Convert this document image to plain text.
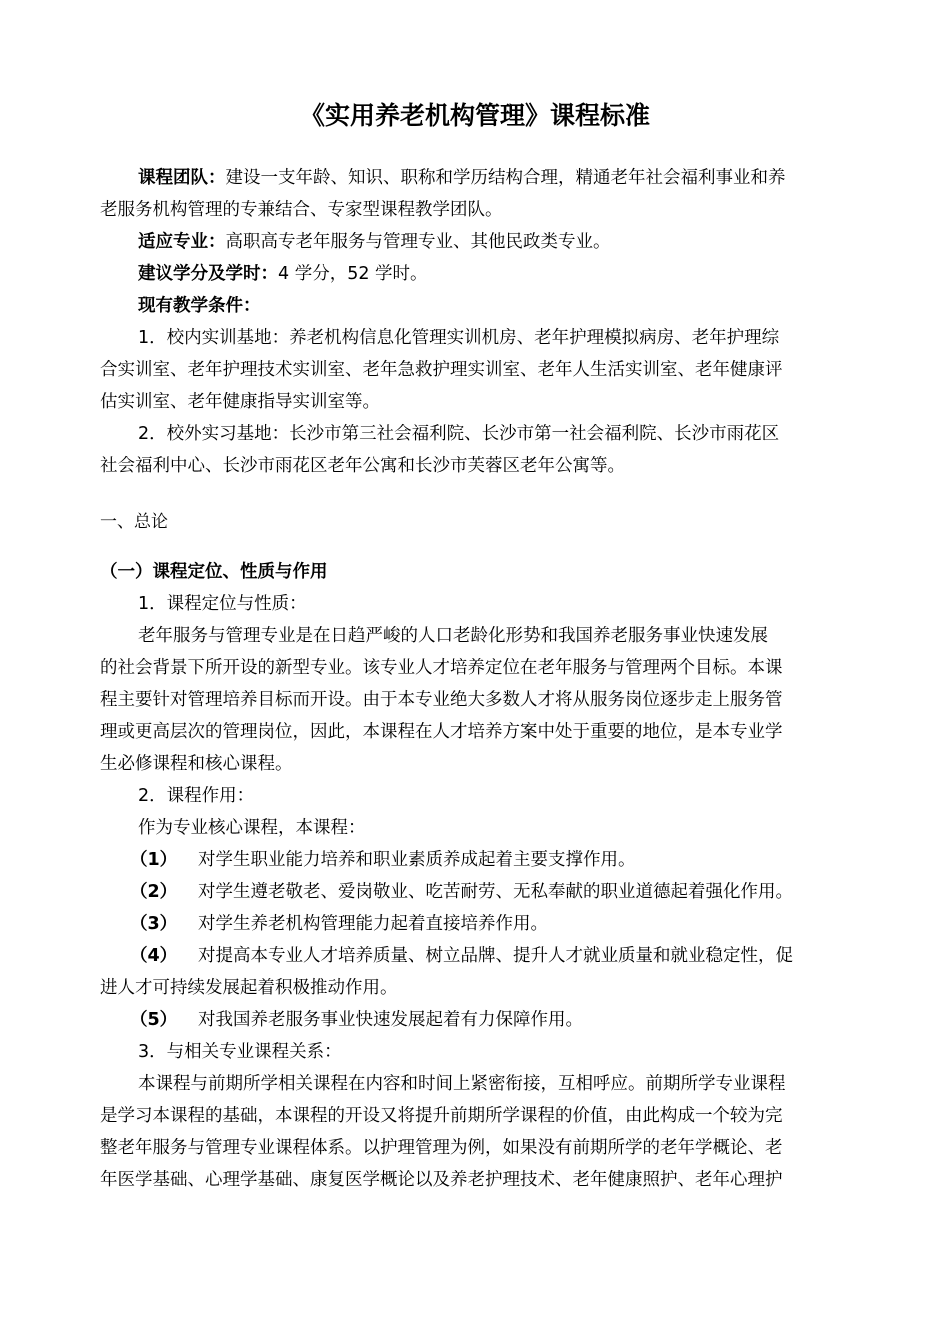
《实用养老机构管理》课程标准
课程团队：建设一支年龄、知识、职称和学历结构合理，精通老年社会福利事业和养
老服务机构管理的专兼结合、专家型课程教学团队。
适应专业：高职高专老年服务与管理专业、其他民政类专业。
建议学分及学时：4 学分，52 学时。
现有教学条件：
1．校内实训基地：养老机构信息化管理实训机房、老年护理模拟病房、老年护理综
合实训室、老年护理技术实训室、老年急救护理实训室、老年人生活实训室、老年健康评
估实训室、老年健康指导实训室等。
2．校外实习基地：长沙市第三社会福利院、长沙市第一社会福利院、长沙市雨花区
社会福利中心、长沙市雨花区老年公寓和长沙市芙蓉区老年公寓等。
一、总论
（一）课程定位、性质与作用
1．课程定位与性质：
老年服务与管理专业是在日趋严峻的人口老龄化形势和我国养老服务事业快速发展
的社会背景下所开设的新型专业。该专业人才培养定位在老年服务与管理两个目标。本课
程主要针对管理培养目标而开设。由于本专业绝大多数人才将从服务岗位逐步走上服务管
理或更高层次的管理岗位，因此，本课程在人才培养方案中处于重要的地位，是本专业学
生必修课程和核心课程。
2．课程作用：
作为专业核心课程，本课程：
（1） 对学生职业能力培养和职业素质养成起着主要支撑作用。
（2） 对学生遵老敬老、爱岗敬业、吃苦耐劳、无私奉献的职业道德起着强化作用。
（3） 对学生养老机构管理能力起着直接培养作用。
（4） 对提高本专业人才培养质量、树立品牌、提升人才就业质量和就业稳定性，促
进人才可持续发展起着积极推动作用。
（5） 对我国养老服务事业快速发展起着有力保障作用。
3．与相关专业课程关系：
本课程与前期所学相关课程在内容和时间上紧密衔接，互相呼应。前期所学专业课程
是学习本课程的基础，本课程的开设又将提升前期所学课程的价值，由此构成一个较为完
整老年服务与管理专业课程体系。以护理管理为例，如果没有前期所学的老年学概论、老
年医学基础、心理学基础、康复医学概论以及养老护理技术、老年健康照护、老年心理护
